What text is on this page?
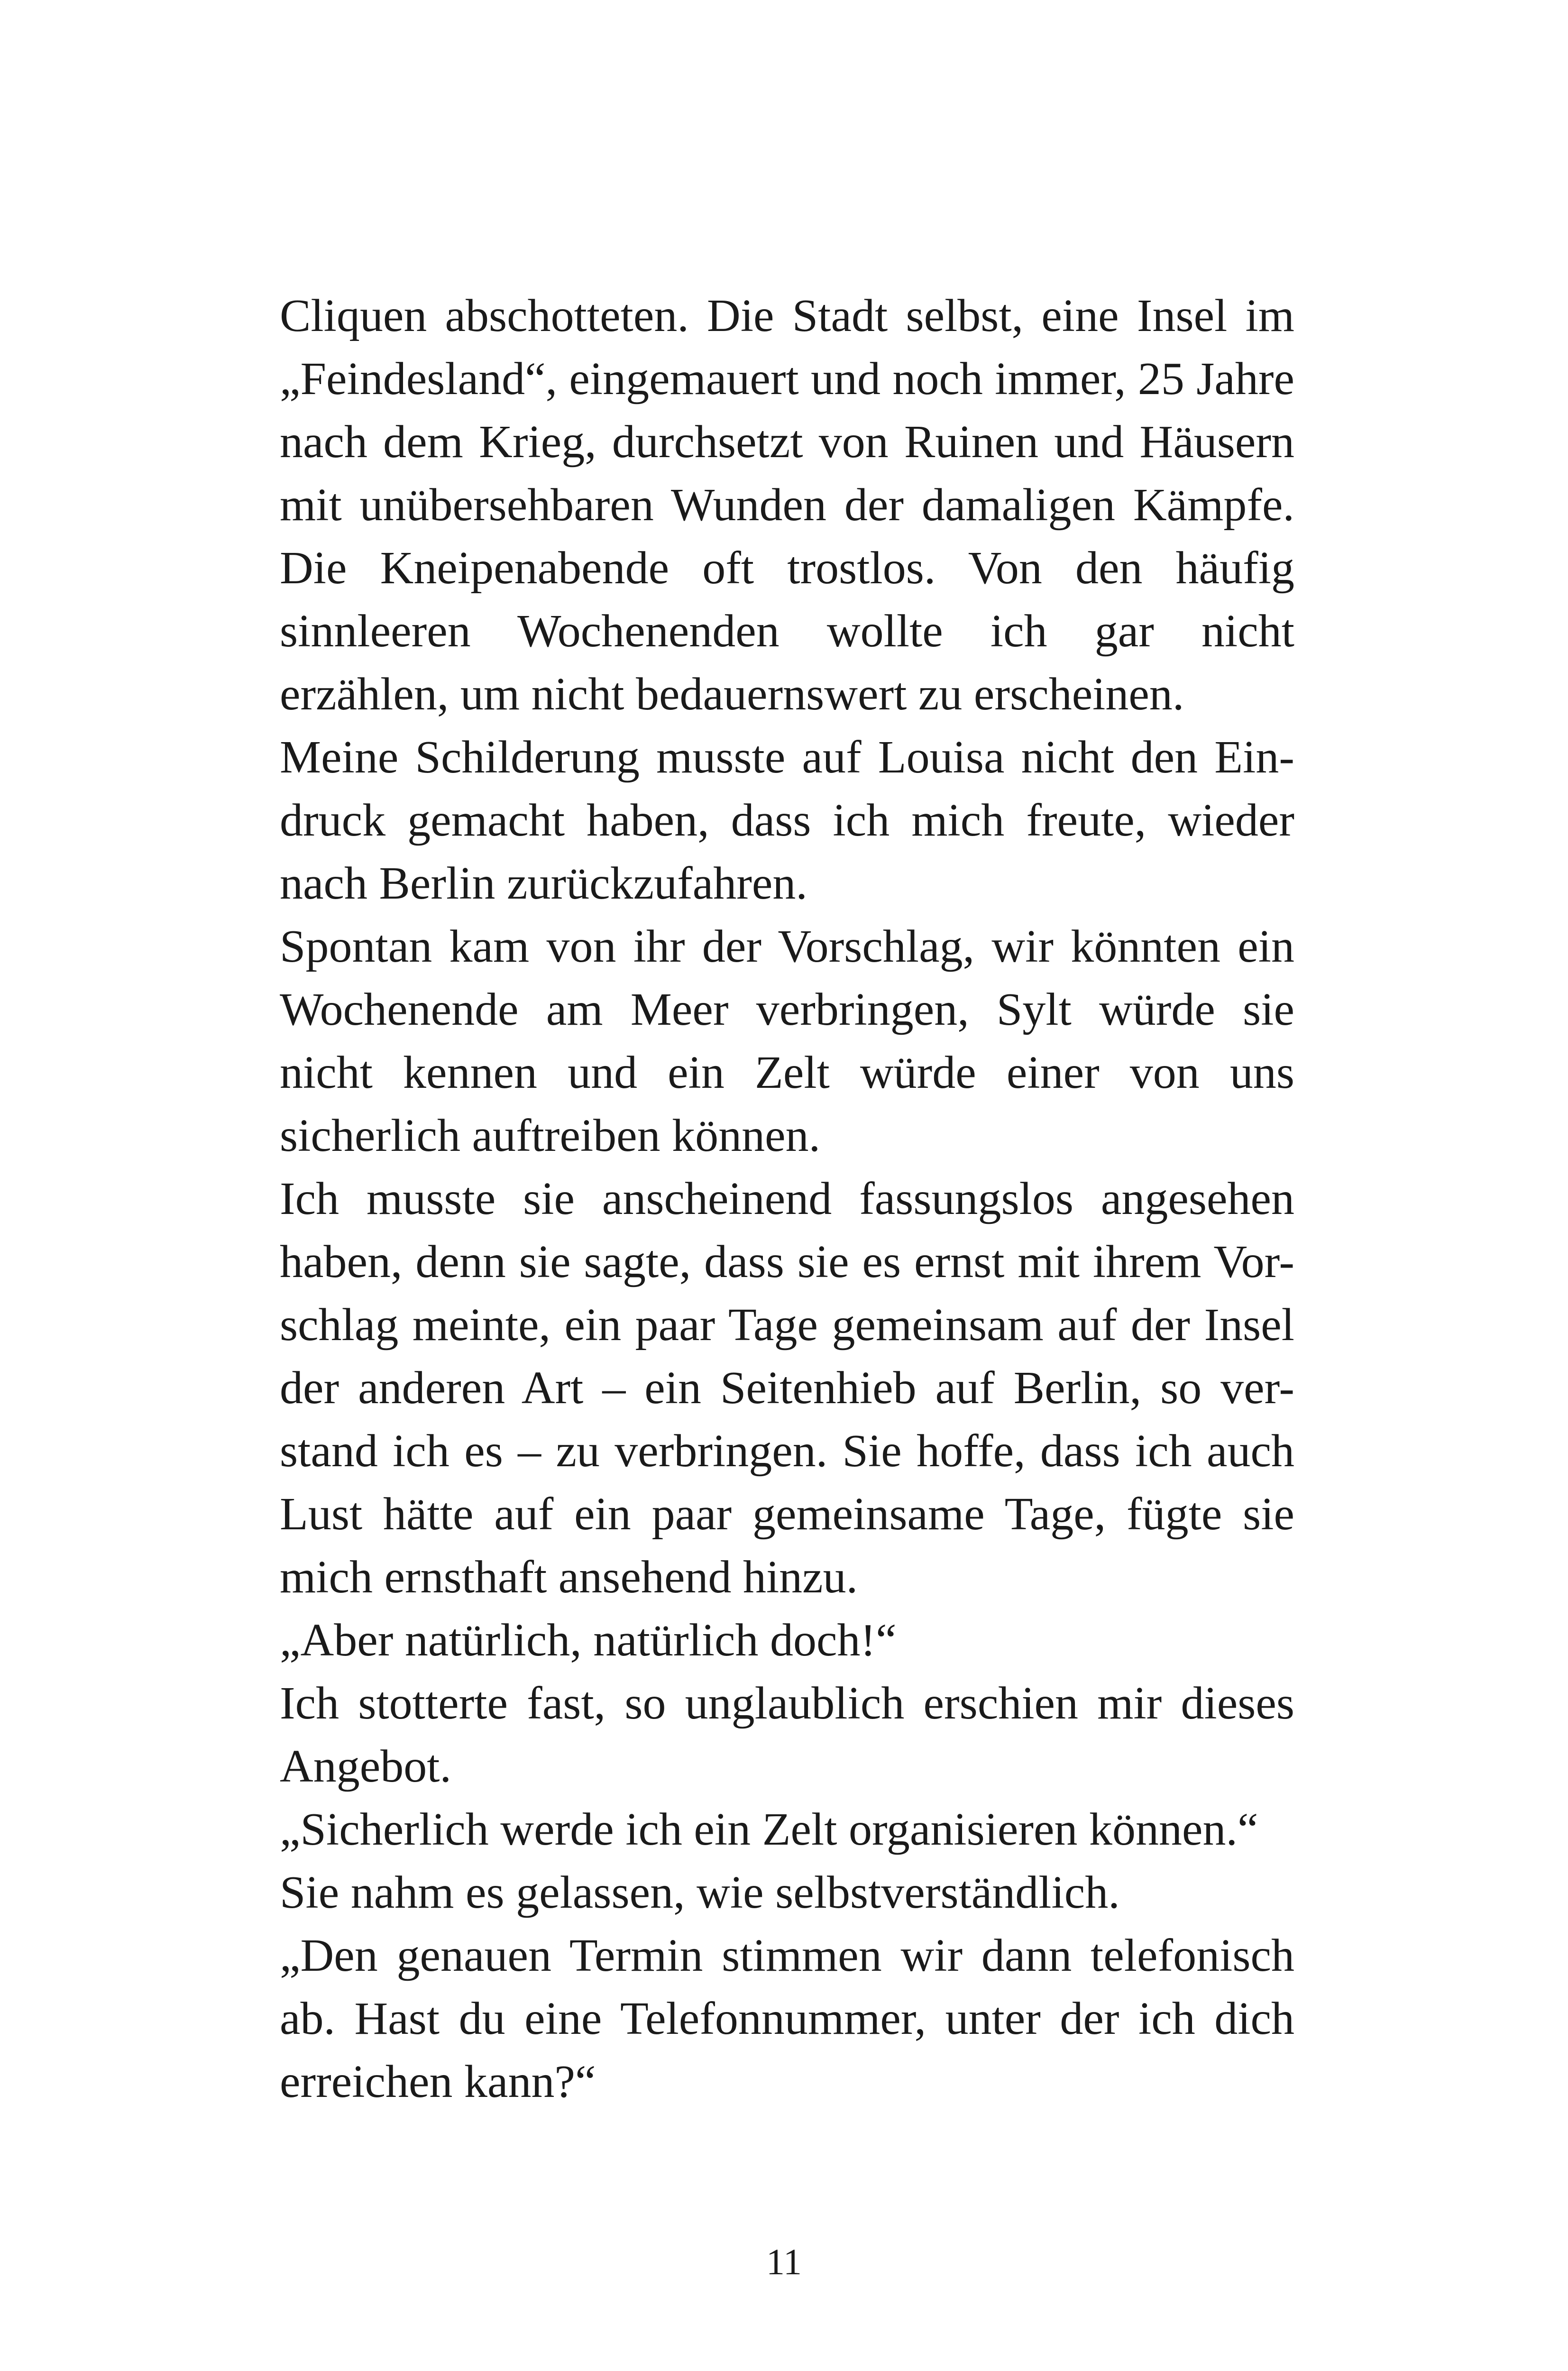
Cliquen abschotteten. Die Stadt selbst, eine Insel im
„Feindesland“, eingemauert und noch immer, 25 Jahre
nach dem Krieg, durchsetzt von Ruinen und Häusern
mit unübersehbaren Wunden der damaligen Kämpfe.
Die Kneipenabende oft trostlos. Von den häufig
sinnleeren Wochenenden wollte ich gar nicht
erzählen, um nicht bedauernswert zu erscheinen.
Meine Schilderung musste auf Louisa nicht den Ein-
druck gemacht haben, dass ich mich freute, wieder
nach Berlin zurückzufahren.
Spontan kam von ihr der Vorschlag, wir könnten ein
Wochenende am Meer verbringen, Sylt würde sie
nicht kennen und ein Zelt würde einer von uns
sicherlich auftreiben können.
Ich musste sie anscheinend fassungslos angesehen
haben, denn sie sagte, dass sie es ernst mit ihrem Vor-
schlag meinte, ein paar Tage gemeinsam auf der Insel
der anderen Art – ein Seitenhieb auf Berlin, so ver-
stand ich es – zu verbringen. Sie hoffe, dass ich auch
Lust hätte auf ein paar gemeinsame Tage, fügte sie
mich ernsthaft ansehend hinzu.
„Aber natürlich, natürlich doch!“
Ich stotterte fast, so unglaublich erschien mir dieses
Angebot.
„Sicherlich werde ich ein Zelt organisieren können.“
Sie nahm es gelassen, wie selbstverständlich.
„Den genauen Termin stimmen wir dann telefonisch
ab. Hast du eine Telefonnummer, unter der ich dich
erreichen kann?“
11
